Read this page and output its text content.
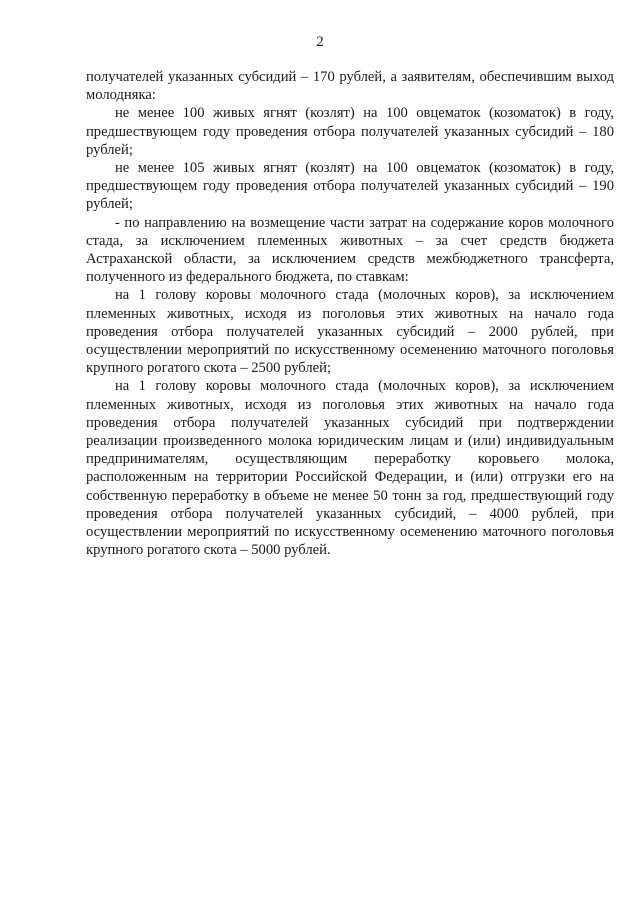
2

получателей указанных субсидий – 170 рублей, а заявителям, обеспечившим выход молодняка:

не менее 100 живых ягнят (козлят) на 100 овцематок (козоматок) в году, предшествующем году проведения отбора получателей указанных субсидий – 180 рублей;

не менее 105 живых ягнят (козлят) на 100 овцематок (козоматок) в году, предшествующем году проведения отбора получателей указанных субсидий – 190 рублей;

- по направлению на возмещение части затрат на содержание коров молочного стада, за исключением племенных животных – за счет средств бюджета Астраханской области, за исключением средств межбюджетного трансферта, полученного из федерального бюджета, по ставкам:

на 1 голову коровы молочного стада (молочных коров), за исключением племенных животных, исходя из поголовья этих животных на начало года проведения отбора получателей указанных субсидий – 2000 рублей, при осуществлении мероприятий по искусственному осеменению маточного поголовья крупного рогатого скота – 2500 рублей;

на 1 голову коровы молочного стада (молочных коров), за исключением племенных животных, исходя из поголовья этих животных на начало года проведения отбора получателей указанных субсидий при подтверждении реализации произведенного молока юридическим лицам и (или) индивидуальным предпринимателям, осуществляющим переработку коровьего молока, расположенным на территории Российской Федерации, и (или) отгрузки его на собственную переработку в объеме не менее 50 тонн за год, предшествующий году проведения отбора получателей указанных субсидий, – 4000 рублей, при осуществлении мероприятий по искусственному осеменению маточного поголовья крупного рогатого скота – 5000 рублей.
